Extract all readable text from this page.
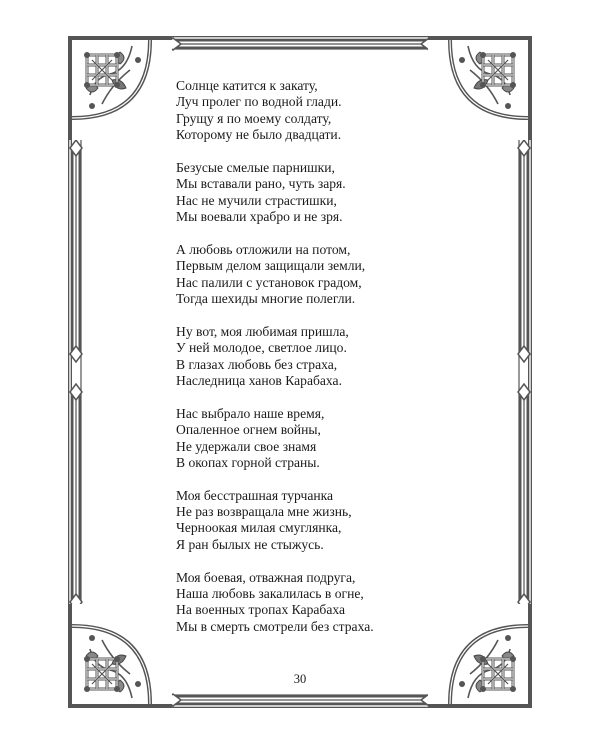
Солнце катится к закату,
Луч пролег по водной глади.
Грущу я по моему солдату,
Которому не было двадцати.
Безусые смелые парнишки,
Мы вставали рано, чуть заря.
Нас не мучили страстишки,
Мы воевали храбро и не зря.
А любовь отложили на потом,
Первым делом защищали земли,
Нас палили с установок градом,
Тогда шехиды многие полегли.
Ну вот, моя любимая пришла,
У ней молодое, светлое лицо.
В глазах любовь без страха,
Наследница ханов Карабаха.
Нас выбрало наше время,
Опаленное огнем войны,
Не удержали свое знамя
В окопах горной страны.
Моя бесстрашная турчанка
Не раз возвращала мне жизнь,
Черноокая милая смуглянка,
Я ран былых не стыжусь.
Моя боевая, отважная подруга,
Наша любовь закалилась в огне,
На военных тропах Карабаха
Мы в смерть смотрели без страха.
30
